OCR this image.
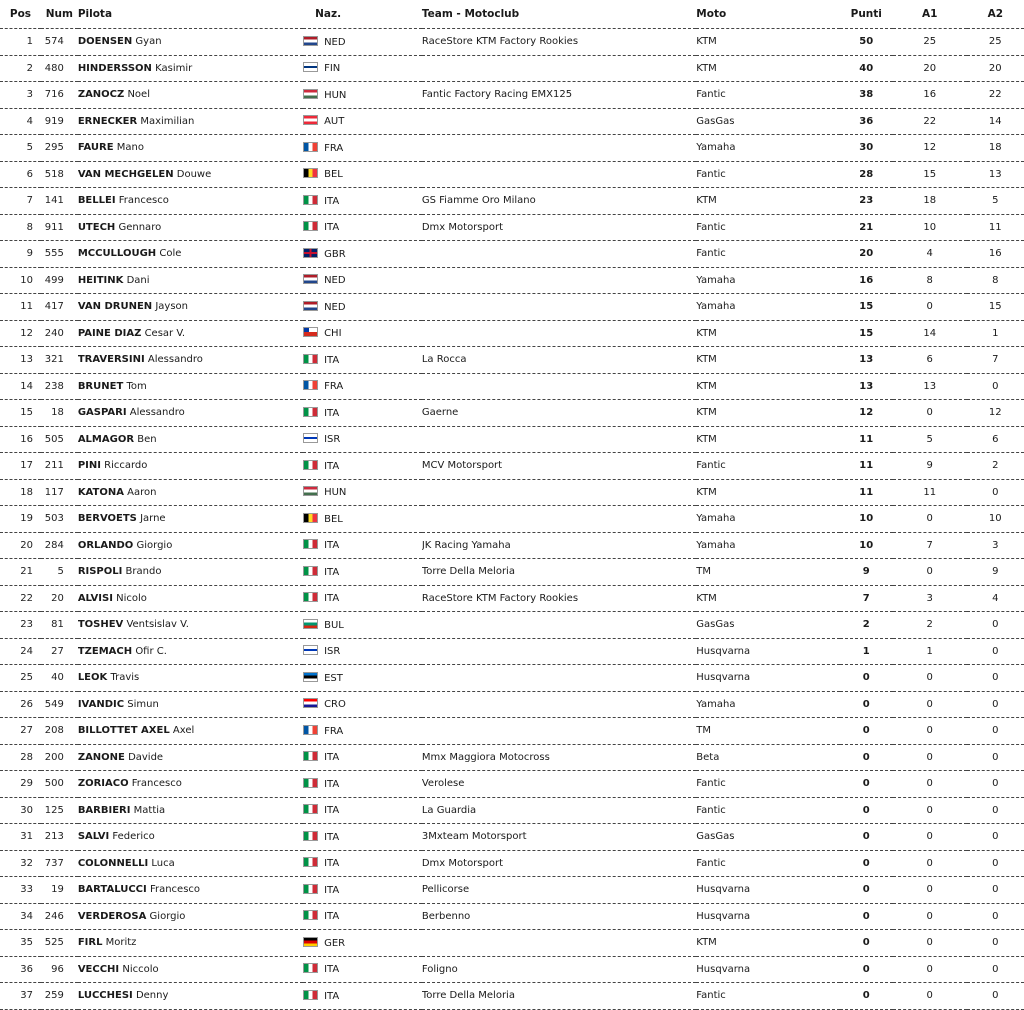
Pos	Num	Pilota	Naz.	Team - Motoclub	Moto	Punti	A1	A2
1	574	DOENSEN Gyan	NED	RaceStore KTM Factory Rookies	KTM	50	25	25
2	480	HINDERSSON Kasimir	FIN		KTM	40	20	20
3	716	ZANOCZ Noel	HUN	Fantic Factory Racing EMX125	Fantic	38	16	22
4	919	ERNECKER Maximilian	AUT		GasGas	36	22	14
5	295	FAURE Mano	FRA		Yamaha	30	12	18
6	518	VAN MECHGELEN Douwe	BEL		Fantic	28	15	13
7	141	BELLEI Francesco	ITA	GS Fiamme Oro Milano	KTM	23	18	5
8	911	UTECH Gennaro	ITA	Dmx Motorsport	Fantic	21	10	11
9	555	MCCULLOUGH Cole	GBR		Fantic	20	4	16
10	499	HEITINK Dani	NED		Yamaha	16	8	8
11	417	VAN DRUNEN Jayson	NED		Yamaha	15	0	15
12	240	PAINE DIAZ Cesar V.	CHI		KTM	15	14	1
13	321	TRAVERSINI Alessandro	ITA	La Rocca	KTM	13	6	7
14	238	BRUNET Tom	FRA		KTM	13	13	0
15	18	GASPARI Alessandro	ITA	Gaerne	KTM	12	0	12
16	505	ALMAGOR Ben	ISR		KTM	11	5	6
17	211	PINI Riccardo	ITA	MCV Motorsport	Fantic	11	9	2
18	117	KATONA Aaron	HUN		KTM	11	11	0
19	503	BERVOETS Jarne	BEL		Yamaha	10	0	10
20	284	ORLANDO Giorgio	ITA	JK Racing Yamaha	Yamaha	10	7	3
21	5	RISPOLI Brando	ITA	Torre Della Meloria	TM	9	0	9
22	20	ALVISI Nicolo	ITA	RaceStore KTM Factory Rookies	KTM	7	3	4
23	81	TOSHEV Ventsislav V.	BUL		GasGas	2	2	0
24	27	TZEMACH Ofir C.	ISR		Husqvarna	1	1	0
25	40	LEOK Travis	EST		Husqvarna	0	0	0
26	549	IVANDIC Simun	CRO		Yamaha	0	0	0
27	208	BILLOTTET AXEL Axel	FRA		TM	0	0	0
28	200	ZANONE Davide	ITA	Mmx Maggiora Motocross	Beta	0	0	0
29	500	ZORIACO Francesco	ITA	Verolese	Fantic	0	0	0
30	125	BARBIERI Mattia	ITA	La Guardia	Fantic	0	0	0
31	213	SALVI Federico	ITA	3Mxteam Motorsport	GasGas	0	0	0
32	737	COLONNELLI Luca	ITA	Dmx Motorsport	Fantic	0	0	0
33	19	BARTALUCCI Francesco	ITA	Pellicorse	Husqvarna	0	0	0
34	246	VERDEROSA Giorgio	ITA	Berbenno	Husqvarna	0	0	0
35	525	FIRL Moritz	GER		KTM	0	0	0
36	96	VECCHI Niccolo	ITA	Foligno	Husqvarna	0	0	0
37	259	LUCCHESI Denny	ITA	Torre Della Meloria	Fantic	0	0	0
